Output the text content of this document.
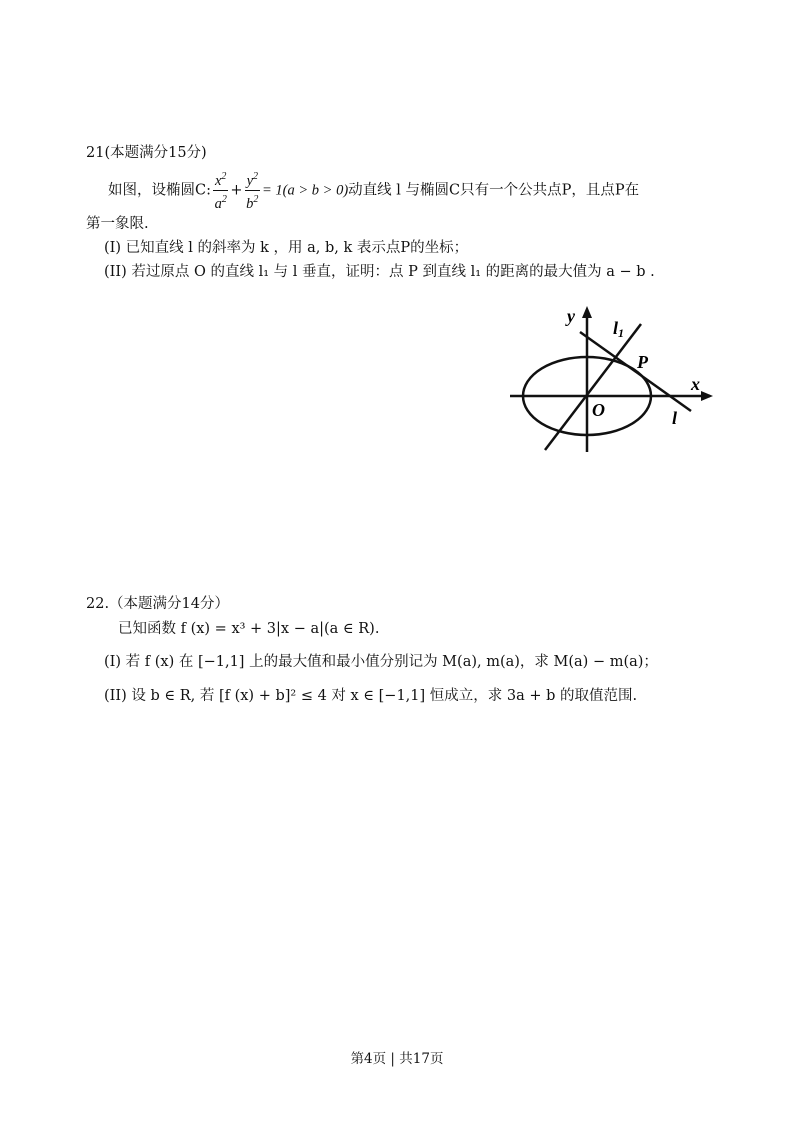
21(本题满分15分)
如图，设椭圆C: $\frac{x^2}{a^2} + \frac{y^2}{b^2} = 1(a > b > 0)$动直线 l 与椭圆C只有一个公共点P，且点P在
第一象限.
(I) 已知直线 l 的斜率为 k ，用 a, b, k 表示点P的坐标；
(II) 若过原点 O 的直线 l₁ 与 l 垂直，证明：点 P 到直线 l₁ 的距离的最大值为 a − b .
y
l1
P
x
O	l
22.（本题满分14分）
已知函数 f (x) = x³ + 3|x − a|(a ∈ R).
(I) 若 f (x) 在 [−1,1] 上的最大值和最小值分别记为 M(a), m(a)，求 M(a) − m(a)；
(II) 设 b ∈ R, 若 [f (x) + b]² ≤ 4 对 x ∈ [−1,1] 恒成立，求 3a + b 的取值范围.
第4页 | 共17页
